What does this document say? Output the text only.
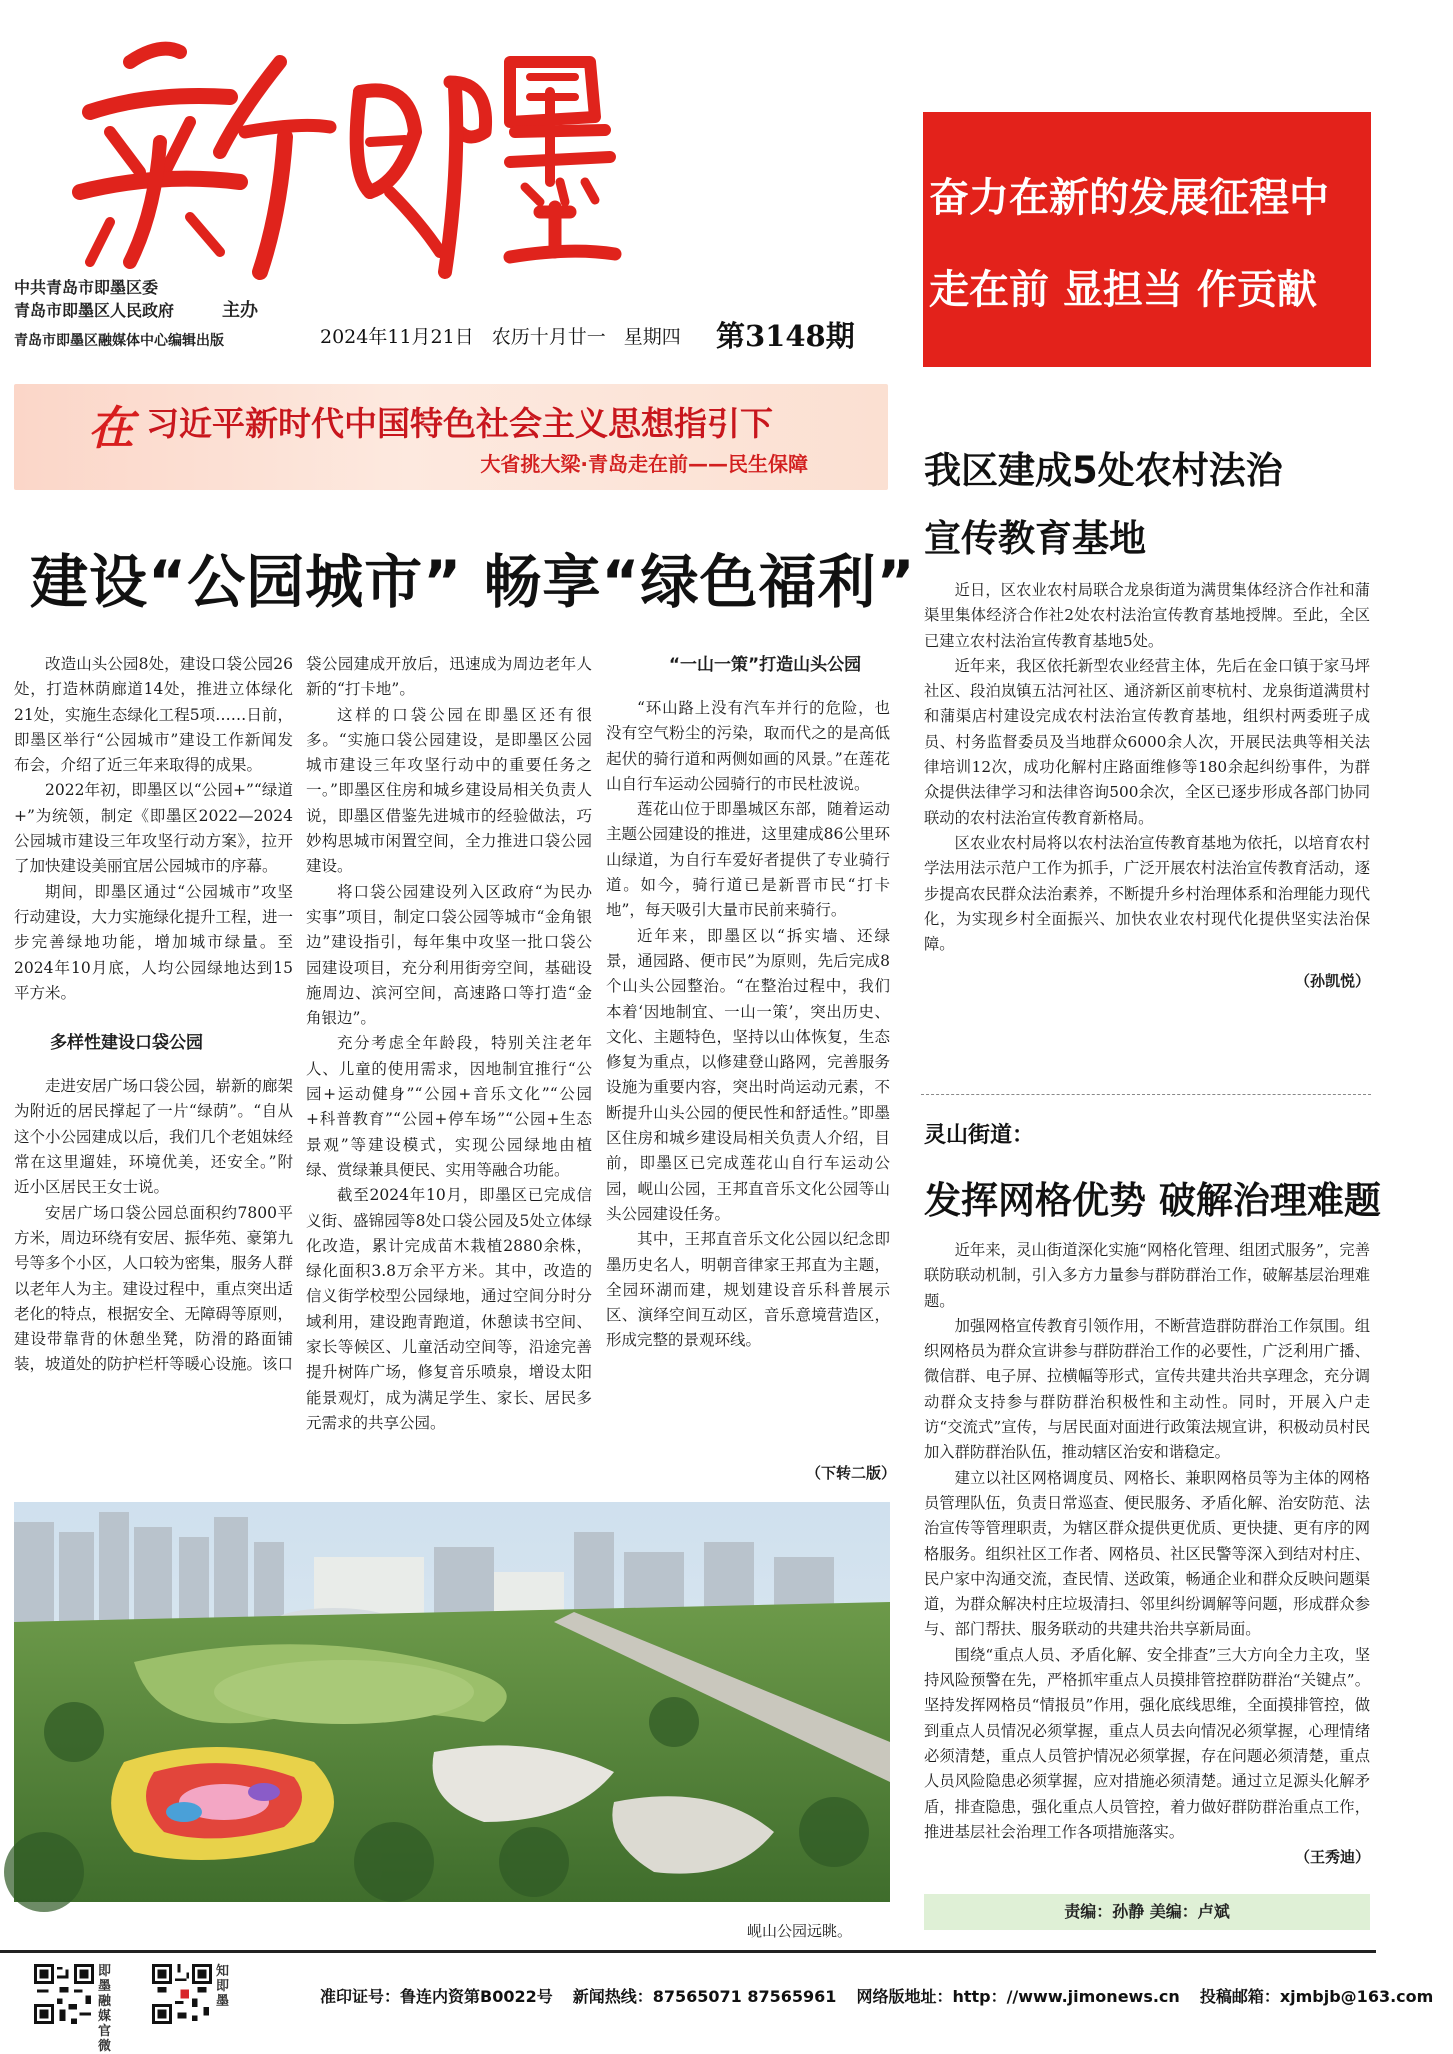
新即墨
中共青岛市即墨区委
青岛市即墨区人民政府	主办
青岛市即墨区融媒体中心编辑出版	2024年11月21日 农历十月廿一 星期四	第3148期
奋力在新的发展征程中
走在前 显担当 作贡献
在 习近平新时代中国特色社会主义思想指引下
大省挑大梁·青岛走在前——民生保障
建设“公园城市” 畅享“绿色福利”

改造山头公园8处，建设口袋公园26处，打造林荫廊道14处，推进立体绿化21处，实施生态绿化工程5项……日前，即墨区举行“公园城市”建设工作新闻发布会，介绍了近三年来取得的成果。

2022年初，即墨区以“公园+”“绿道+”为统领，制定《即墨区2022—2024公园城市建设三年攻坚行动方案》，拉开了加快建设美丽宜居公园城市的序幕。

期间，即墨区通过“公园城市”攻坚行动建设，大力实施绿化提升工程，进一步完善绿地功能，增加城市绿量。至2024年10月底，人均公园绿地达到15平方米。

多样性建设口袋公园

走进安居广场口袋公园，崭新的廊架为附近的居民撑起了一片“绿荫”。“自从这个小公园建成以后，我们几个老姐妹经常在这里遛娃，环境优美，还安全。”附近小区居民王女士说。

安居广场口袋公园总面积约7800平方米，周边环绕有安居、振华苑、豪第九号等多个小区，人口较为密集，服务人群以老年人为主。建设过程中，重点突出适老化的特点，根据安全、无障碍等原则，建设带靠背的休憩坐凳，防滑的路面铺装，坡道处的防护栏杆等暖心设施。该口

袋公园建成开放后，迅速成为周边老年人新的“打卡地”。

这样的口袋公园在即墨区还有很多。“实施口袋公园建设，是即墨区公园城市建设三年攻坚行动中的重要任务之一。”即墨区住房和城乡建设局相关负责人说，即墨区借鉴先进城市的经验做法，巧妙构思城市闲置空间，全力推进口袋公园建设。

将口袋公园建设列入区政府“为民办实事”项目，制定口袋公园等城市“金角银边”建设指引，每年集中攻坚一批口袋公园建设项目，充分利用街旁空间，基础设施周边、滨河空间，高速路口等打造“金角银边”。

充分考虑全年龄段，特别关注老年人、儿童的使用需求，因地制宜推行“公园+运动健身”“公园+音乐文化”“公园+科普教育”“公园+停车场”“公园+生态景观”等建设模式，实现公园绿地由植绿、赏绿兼具便民、实用等融合功能。

截至2024年10月，即墨区已完成信义街、盛锦园等8处口袋公园及5处立体绿化改造，累计完成苗木栽植2880余株，绿化面积3.8万余平方米。其中，改造的信义街学校型公园绿地，通过空间分时分域利用，建设跑青跑道，休憩读书空间、家长等候区、儿童活动空间等，沿途完善提升树阵广场，修复音乐喷泉，增设太阳能景观灯，成为满足学生、家长、居民多元需求的共享公园。

“一山一策”打造山头公园

“环山路上没有汽车并行的危险，也没有空气粉尘的污染，取而代之的是高低起伏的骑行道和两侧如画的风景。”在莲花山自行车运动公园骑行的市民杜波说。

莲花山位于即墨城区东部，随着运动主题公园建设的推进，这里建成86公里环山绿道，为自行车爱好者提供了专业骑行道。如今，骑行道已是新晋市民“打卡地”，每天吸引大量市民前来骑行。

近年来，即墨区以“拆实墙、还绿景，通园路、便市民”为原则，先后完成8个山头公园整治。“在整治过程中，我们本着‘因地制宜、一山一策’，突出历史、文化、主题特色，坚持以山体恢复，生态修复为重点，以修建登山路网，完善服务设施为重要内容，突出时尚运动元素，不断提升山头公园的便民性和舒适性。”即墨区住房和城乡建设局相关负责人介绍，目前，即墨区已完成莲花山自行车运动公园，岘山公园，王邦直音乐文化公园等山头公园建设任务。

其中，王邦直音乐文化公园以纪念即墨历史名人，明朝音律家王邦直为主题，全园环湖而建，规划建设音乐科普展示区、演绎空间互动区，音乐意境营造区，形成完整的景观环线。

（下转二版）
岘山公园远眺。
我区建成5处农村法治
宣传教育基地

近日，区农业农村局联合龙泉街道为满贯集体经济合作社和蒲渠里集体经济合作社2处农村法治宣传教育基地授牌。至此，全区已建立农村法治宣传教育基地5处。

近年来，我区依托新型农业经营主体，先后在金口镇于家马坪社区、段泊岚镇五沽河社区、通济新区前枣杭村、龙泉街道满贯村和蒲渠店村建设完成农村法治宣传教育基地，组织村两委班子成员、村务监督委员及当地群众6000余人次，开展民法典等相关法律培训12次，成功化解村庄路面维修等180余起纠纷事件，为群众提供法律学习和法律咨询500余次，全区已逐步形成各部门协同联动的农村法治宣传教育新格局。

区农业农村局将以农村法治宣传教育基地为依托，以培育农村学法用法示范户工作为抓手，广泛开展农村法治宣传教育活动，逐步提高农民群众法治素养，不断提升乡村治理体系和治理能力现代化，为实现乡村全面振兴、加快农业农村现代化提供坚实法治保障。

（孙凯悦）
灵山街道：
发挥网格优势 破解治理难题

近年来，灵山街道深化实施“网格化管理、组团式服务”，完善联防联动机制，引入多方力量参与群防群治工作，破解基层治理难题。

加强网格宣传教育引领作用，不断营造群防群治工作氛围。组织网格员为群众宣讲参与群防群治工作的必要性，广泛利用广播、微信群、电子屏、拉横幅等形式，宣传共建共治共享理念，充分调动群众支持参与群防群治积极性和主动性。同时，开展入户走访“交流式”宣传，与居民面对面进行政策法规宣讲，积极动员村民加入群防群治队伍，推动辖区治安和谐稳定。

建立以社区网格调度员、网格长、兼职网格员等为主体的网格员管理队伍，负责日常巡查、便民服务、矛盾化解、治安防范、法治宣传等管理职责，为辖区群众提供更优质、更快捷、更有序的网格服务。组织社区工作者、网格员、社区民警等深入到结对村庄、民户家中沟通交流，查民情、送政策，畅通企业和群众反映问题渠道，为群众解决村庄垃圾清扫、邻里纠纷调解等问题，形成群众参与、部门帮扶、服务联动的共建共治共享新局面。

围绕“重点人员、矛盾化解、安全排查”三大方向全力主攻，坚持风险预警在先，严格抓牢重点人员摸排管控群防群治“关键点”。坚持发挥网格员“情报员”作用，强化底线思维，全面摸排管控，做到重点人员情况必须掌握，重点人员去向情况必须掌握，心理情绪必须清楚，重点人员管护情况必须掌握，存在问题必须清楚，重点人员风险隐患必须掌握，应对措施必须清楚。通过立足源头化解矛盾，排查隐患，强化重点人员管控，着力做好群防群治重点工作，推进基层社会治理工作各项措施落实。

（王秀迪）
责编：孙静 美编：卢斌
即墨融媒官微
知即墨	准印证号：鲁连内资第B0022号 新闻热线：87565071 87565961 网络版地址：http：//www.jimonews.cn 投稿邮箱：xjmbjb@163.com
